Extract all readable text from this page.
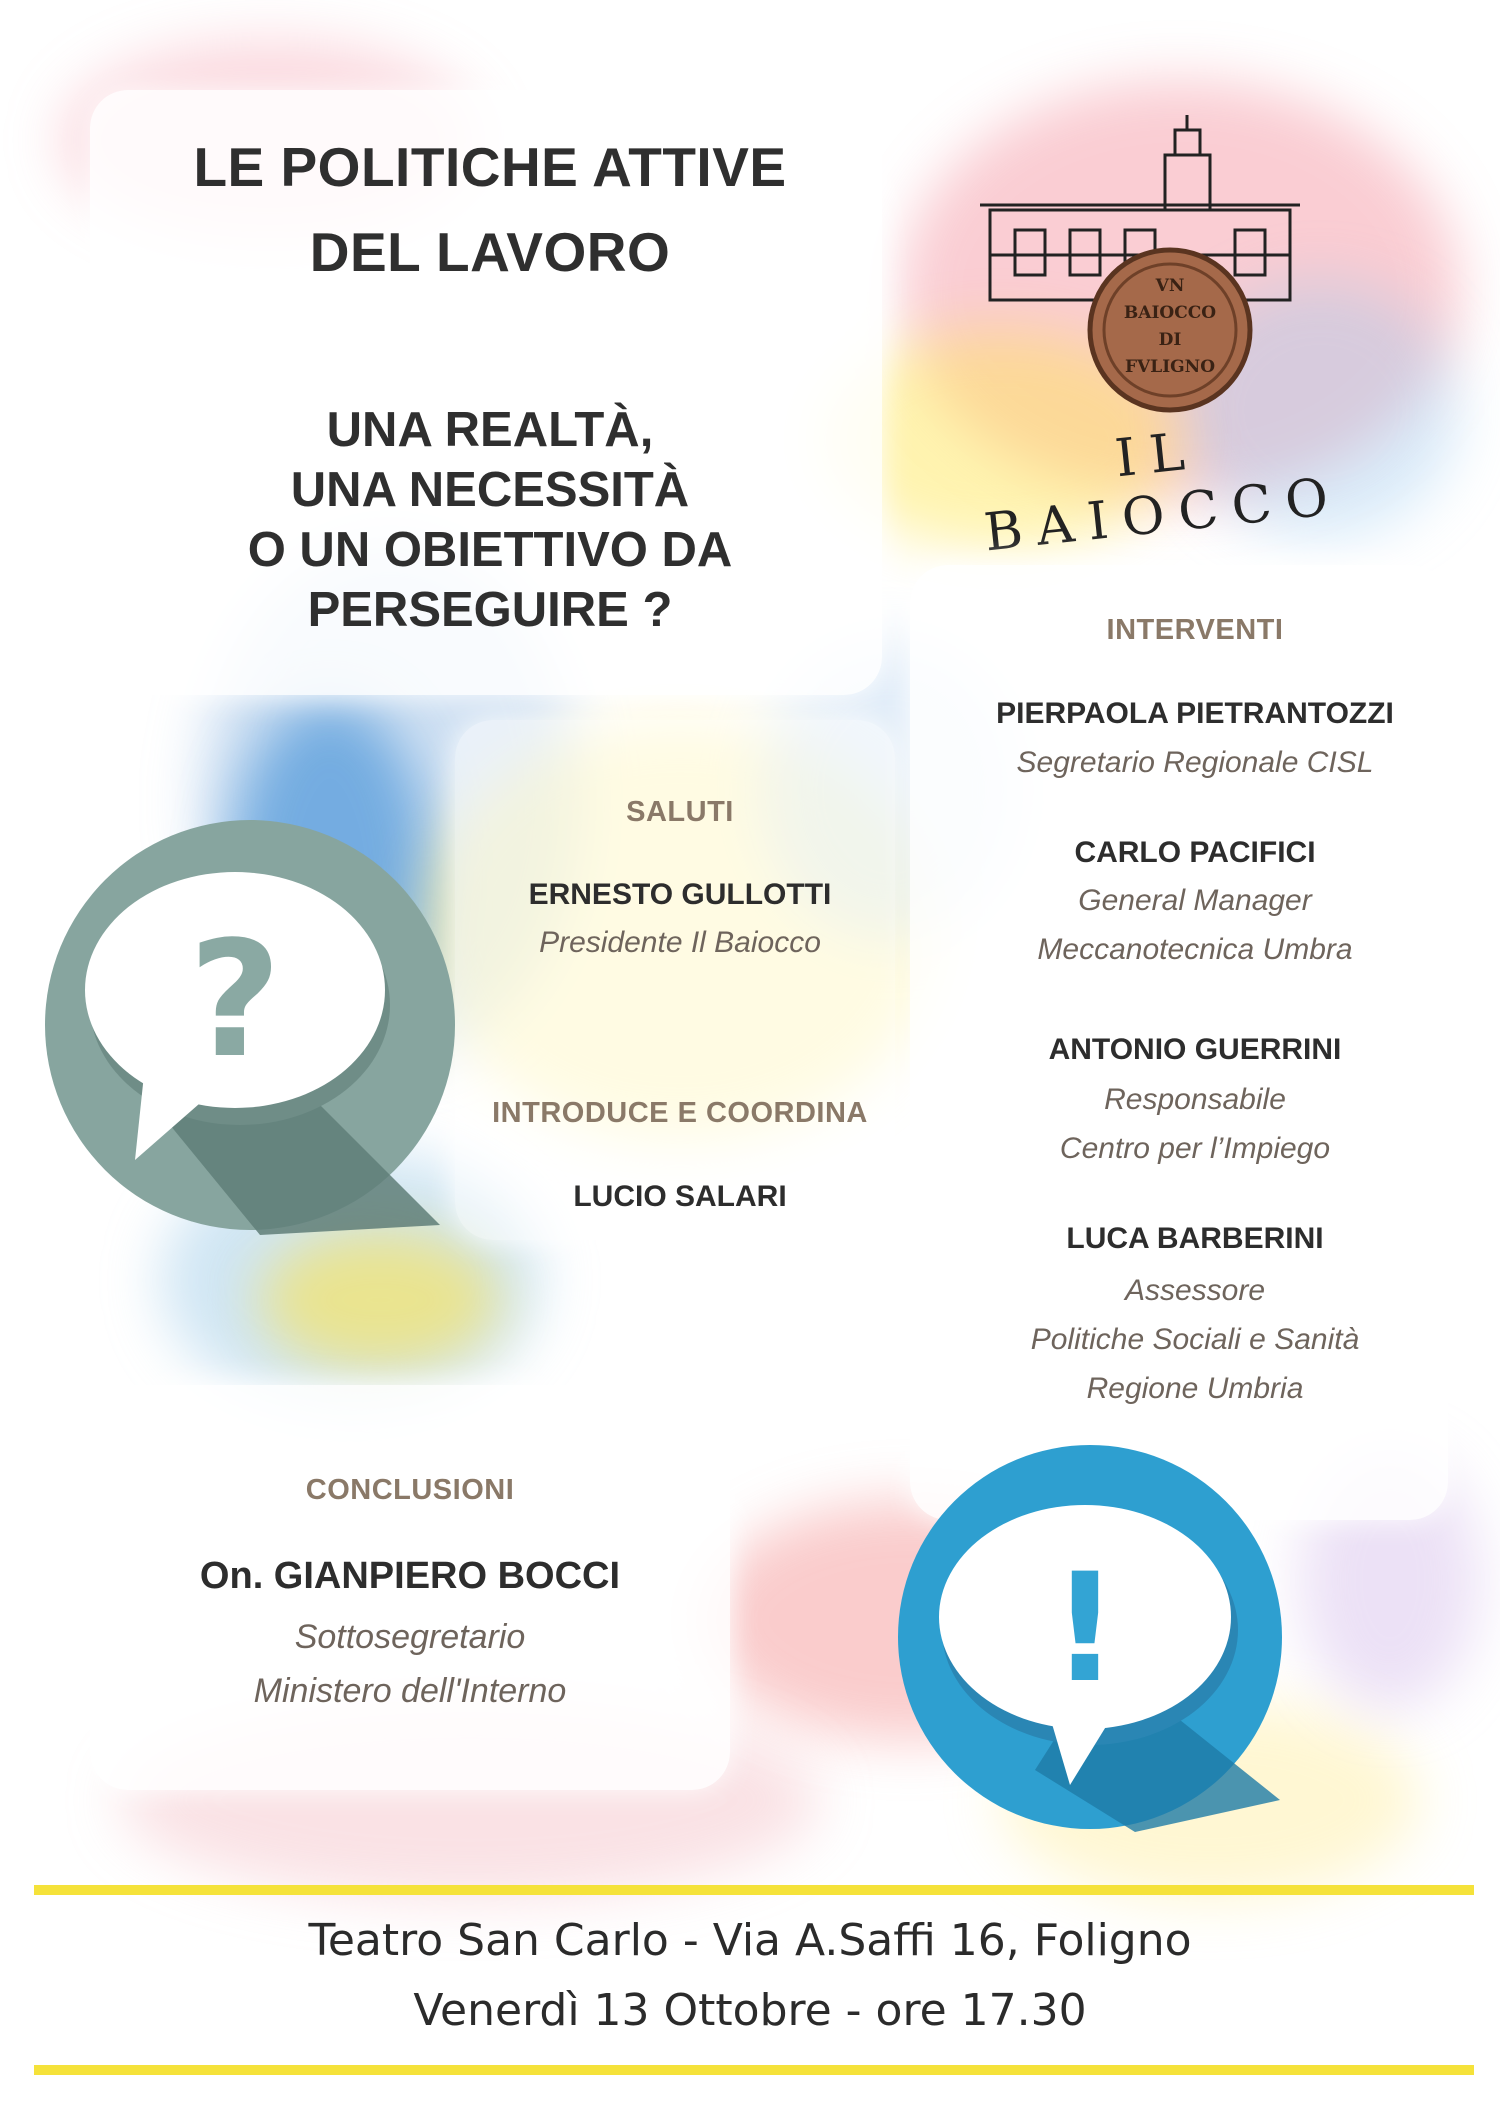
LE POLITICHE ATTIVE
DEL LAVORO
UNA REALTÀ,
UNA NECESSITÀ
O UN OBIETTIVO DA
PERSEGUIRE ?
VN
BAIOCCO
DI
FVLIGNO
IL BAIOCCO
INTERVENTI
PIERPAOLA PIETRANTOZZI
Segretario Regionale CISL
CARLO PACIFICI
General Manager
Meccanotecnica Umbra
ANTONIO GUERRINI
Responsabile
Centro per l’Impiego
LUCA BARBERINI
Assessore
Politiche Sociali e Sanità
Regione Umbria
SALUTI
ERNESTO GULLOTTI
Presidente Il Baiocco
INTRODUCE E COORDINA
LUCIO SALARI
?
CONCLUSIONI
On. GIANPIERO BOCCI
Sottosegretario
Ministero dell'Interno	!
Teatro San Carlo - Via A.Saffi 16, Foligno
Venerdì 13 Ottobre - ore 17.30
